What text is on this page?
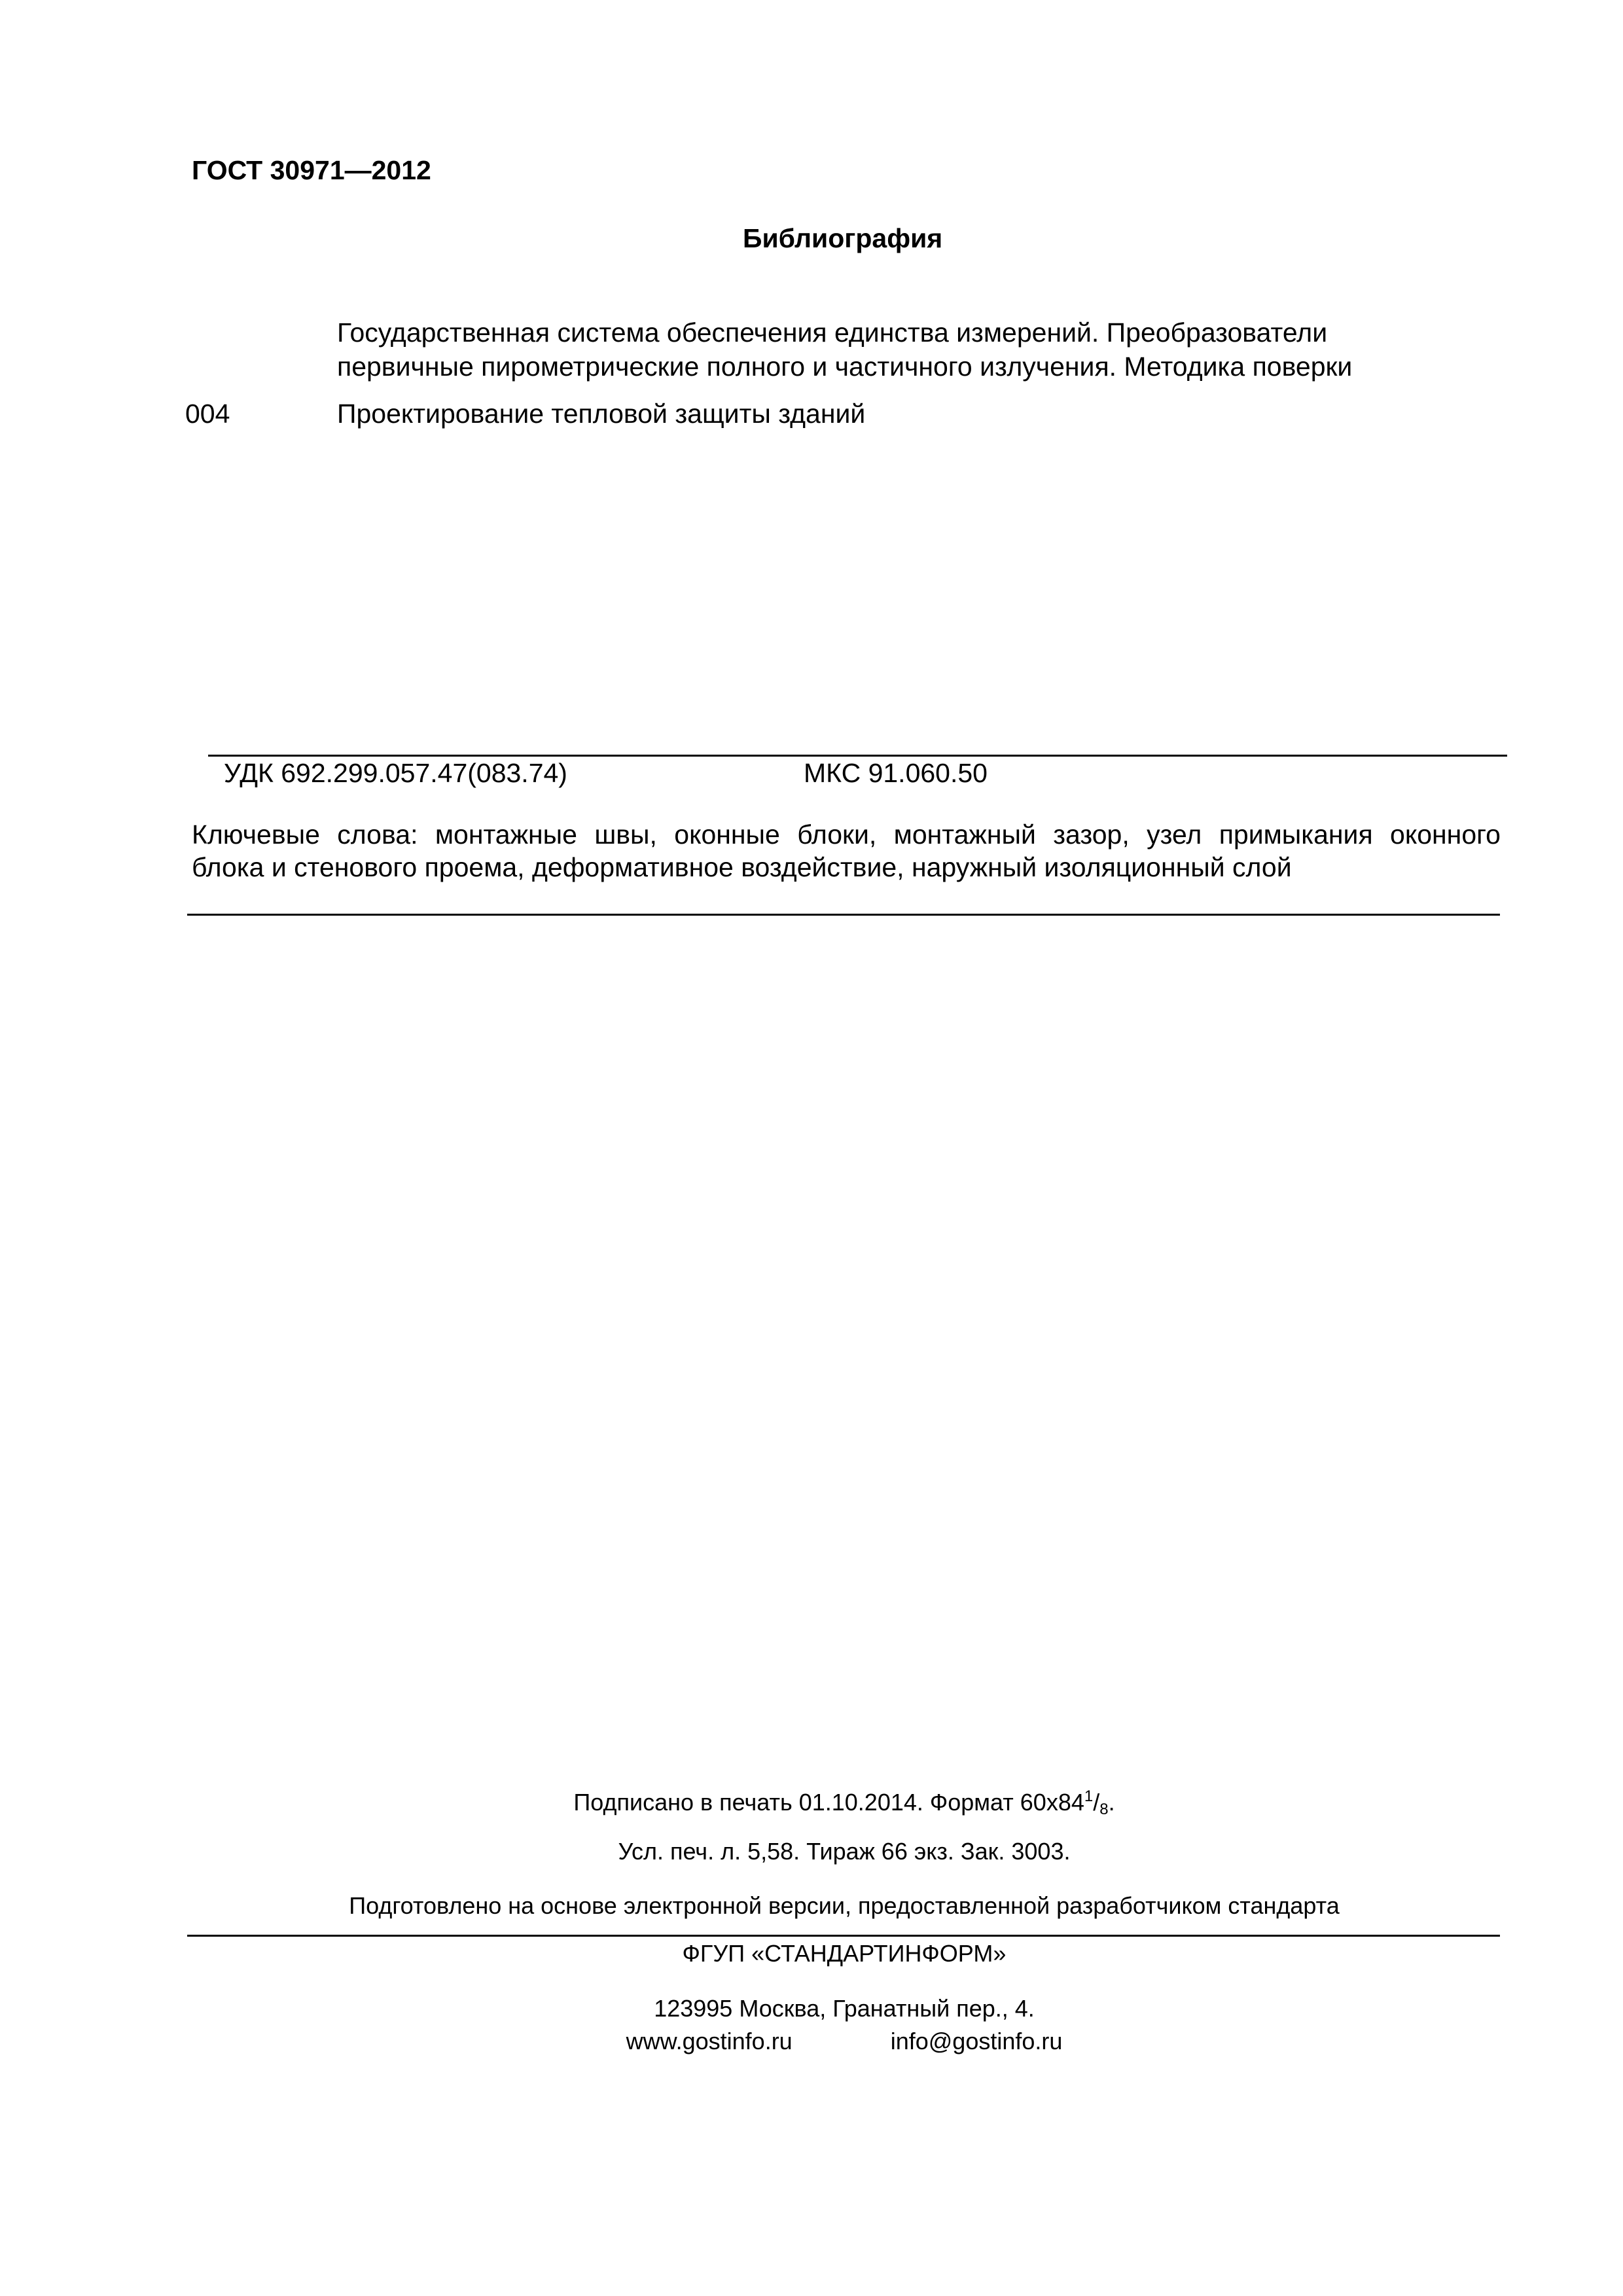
ГОСТ 30971—2012
Библиография
Государственная система обеспечения единства измерений. Преобразователи первичные пирометрические полного и частичного излучения. Методика поверки
004	Проектирование тепловой защиты зданий
УДК 692.299.057.47(083.74)	МКС 91.060.50
Ключевые слова: монтажные швы, оконные блоки, монтажный зазор, узел примыкания оконного
блока и стенового проема, деформативное воздействие, наружный изоляционный слой
Подписано в печать 01.10.2014. Формат $60x84^1/_8$.
Усл. печ. л. 5,58. Тираж 66 экз. Зак. 3003.
Подготовлено на основе электронной версии, предоставленной разработчиком стандарта
ФГУП «СТАНДАРТИНФОРМ»
123995 Москва, Гранатный пер., 4.
www.gostinfo.ru	info@gostinfo.ru
